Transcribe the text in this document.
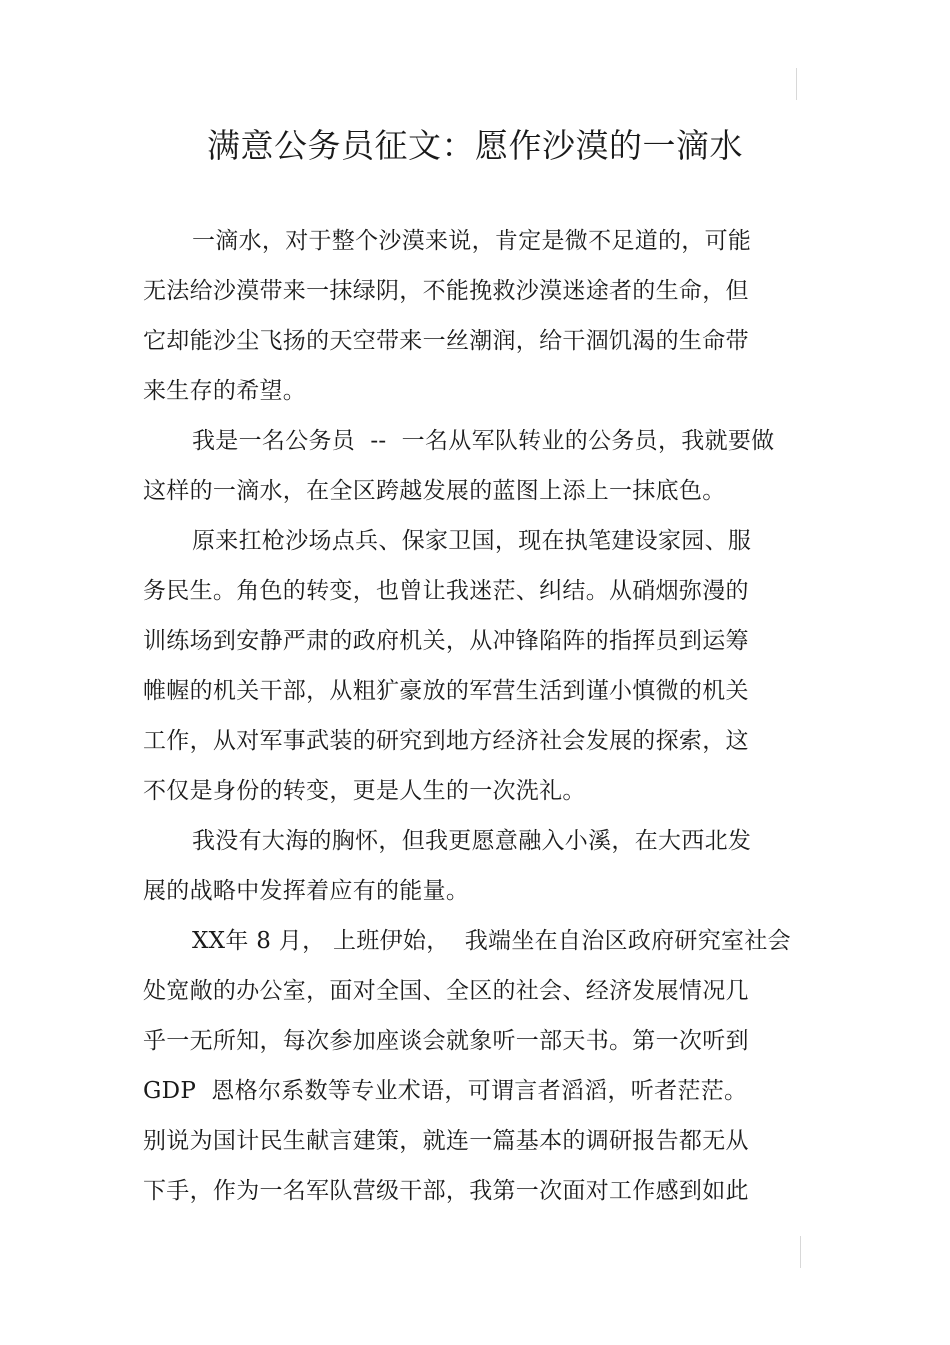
满意公务员征文：愿作沙漠的一滴水
一滴水，对于整个沙漠来说，肯定是微不足道的，可能
无法给沙漠带来一抹绿阴，不能挽救沙漠迷途者的生命，但
它却能沙尘飞扬的天空带来一丝潮润，给干涸饥渴的生命带
来生存的希望。
我是一名公务员  --  一名从军队转业的公务员，我就要做
这样的一滴水，在全区跨越发展的蓝图上添上一抹底色。
原来扛枪沙场点兵、保家卫国，现在执笔建设家园、服
务民生。角色的转变，也曾让我迷茫、纠结。从硝烟弥漫的
训练场到安静严肃的政府机关，从冲锋陷阵的指挥员到运筹
帷幄的机关干部，从粗犷豪放的军营生活到谨小慎微的机关
工作，从对军事武装的研究到地方经济社会发展的探索，这
不仅是身份的转变，更是人生的一次洗礼。
我没有大海的胸怀，但我更愿意融入小溪，在大西北发
展的战略中发挥着应有的能量。
XX年 8 月， 上班伊始，  我端坐在自治区政府研究室社会
处宽敞的办公室，面对全国、全区的社会、经济发展情况几
乎一无所知，每次参加座谈会就象听一部天书。第一次听到
GDP  恩格尔系数等专业术语，可谓言者滔滔，听者茫茫。
别说为国计民生献言建策，就连一篇基本的调研报告都无从
下手，作为一名军队营级干部，我第一次面对工作感到如此
